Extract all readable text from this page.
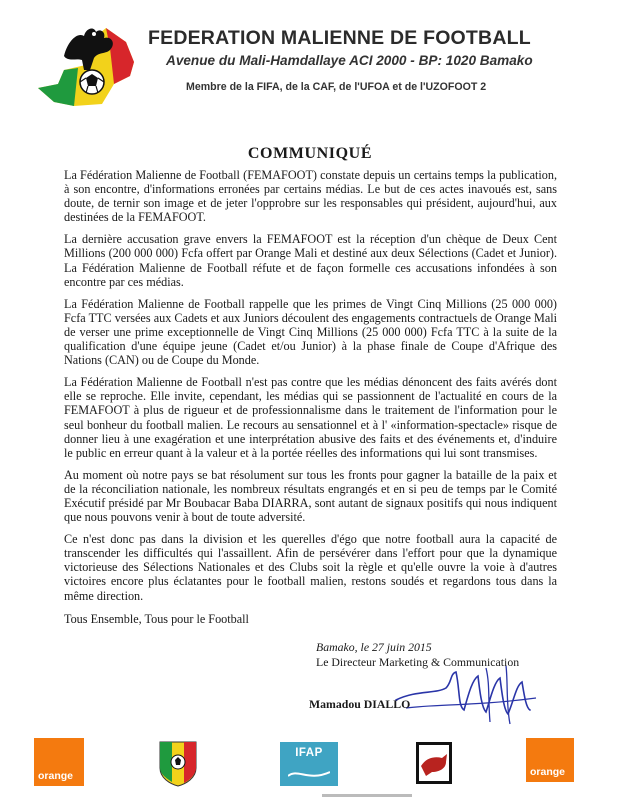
FEDERATION MALIENNE DE FOOTBALL
Avenue du Mali-Hamdallaye ACI 2000 - BP: 1020 Bamako
Membre de la FIFA, de la CAF, de l'UFOA et de l'UZOFOOT 2
COMMUNIQUÉ

La Fédération Malienne de Football (FEMAFOOT) constate depuis un certains temps la publication, à son encontre, d'informations erronées par certains médias. Le but de ces actes inavoués est, sans doute, de ternir son image et de jeter l'opprobre sur les responsables qui président, aujourd'hui, aux destinées de la FEMAFOOT.

La dernière accusation grave envers la FEMAFOOT est la réception d'un chèque de Deux Cent Millions (200 000 000) Fcfa offert par Orange Mali et destiné aux deux Sélections (Cadet et Junior). La Fédération Malienne de Football réfute et de façon formelle ces accusations infondées à son encontre par ces médias.

La Fédération Malienne de Football rappelle que les primes de Vingt Cinq Millions (25 000 000) Fcfa TTC versées aux Cadets et aux Juniors découlent des engagements contractuels de Orange Mali de verser une prime exceptionnelle de Vingt Cinq Millions (25 000 000) Fcfa TTC à la suite de la qualification d'une équipe jeune (Cadet et/ou Junior) à la phase finale de Coupe d'Afrique des Nations (CAN) ou de Coupe du Monde.

La Fédération Malienne de Football n'est pas contre que les médias dénoncent des faits avérés dont elle se reproche. Elle invite, cependant, les médias qui se passionnent de l'actualité en cours de la FEMAFOOT à plus de rigueur et de professionnalisme dans le traitement de l'information pour le seul bonheur du football malien. Le recours au sensationnel et à l' «information-spectacle» risque de donner lieu à une exagération et une interprétation abusive des faits et des événements et, d'induire le public en erreur quant à la valeur et à la portée réelles des informations qui lui sont transmises.

Au moment où notre pays se bat résolument sur tous les fronts pour gagner la bataille de la paix et de la réconciliation nationale, les nombreux résultats engrangés et en si peu de temps par le Comité Exécutif présidé par Mr Boubacar Baba DIARRA, sont autant de signaux positifs qui nous indiquent que nous pouvons venir à bout de toute adversité.

Ce n'est donc pas dans la division et les querelles d'égo que notre football aura la capacité de transcender les difficultés qui l'assaillent. Afin de persévérer dans l'effort pour que la dynamique victorieuse des Sélections Nationales et des Clubs soit la règle et qu'elle ouvre la voie à d'autres victoires encore plus éclatantes pour le football malien, restons soudés et regardons tous dans la même direction.

Tous Ensemble, Tous pour le Football
Bamako, le 27 juin 2015
Le Directeur Marketing & Communication
Mamadou DIALLO
orange
IFAP
orange
